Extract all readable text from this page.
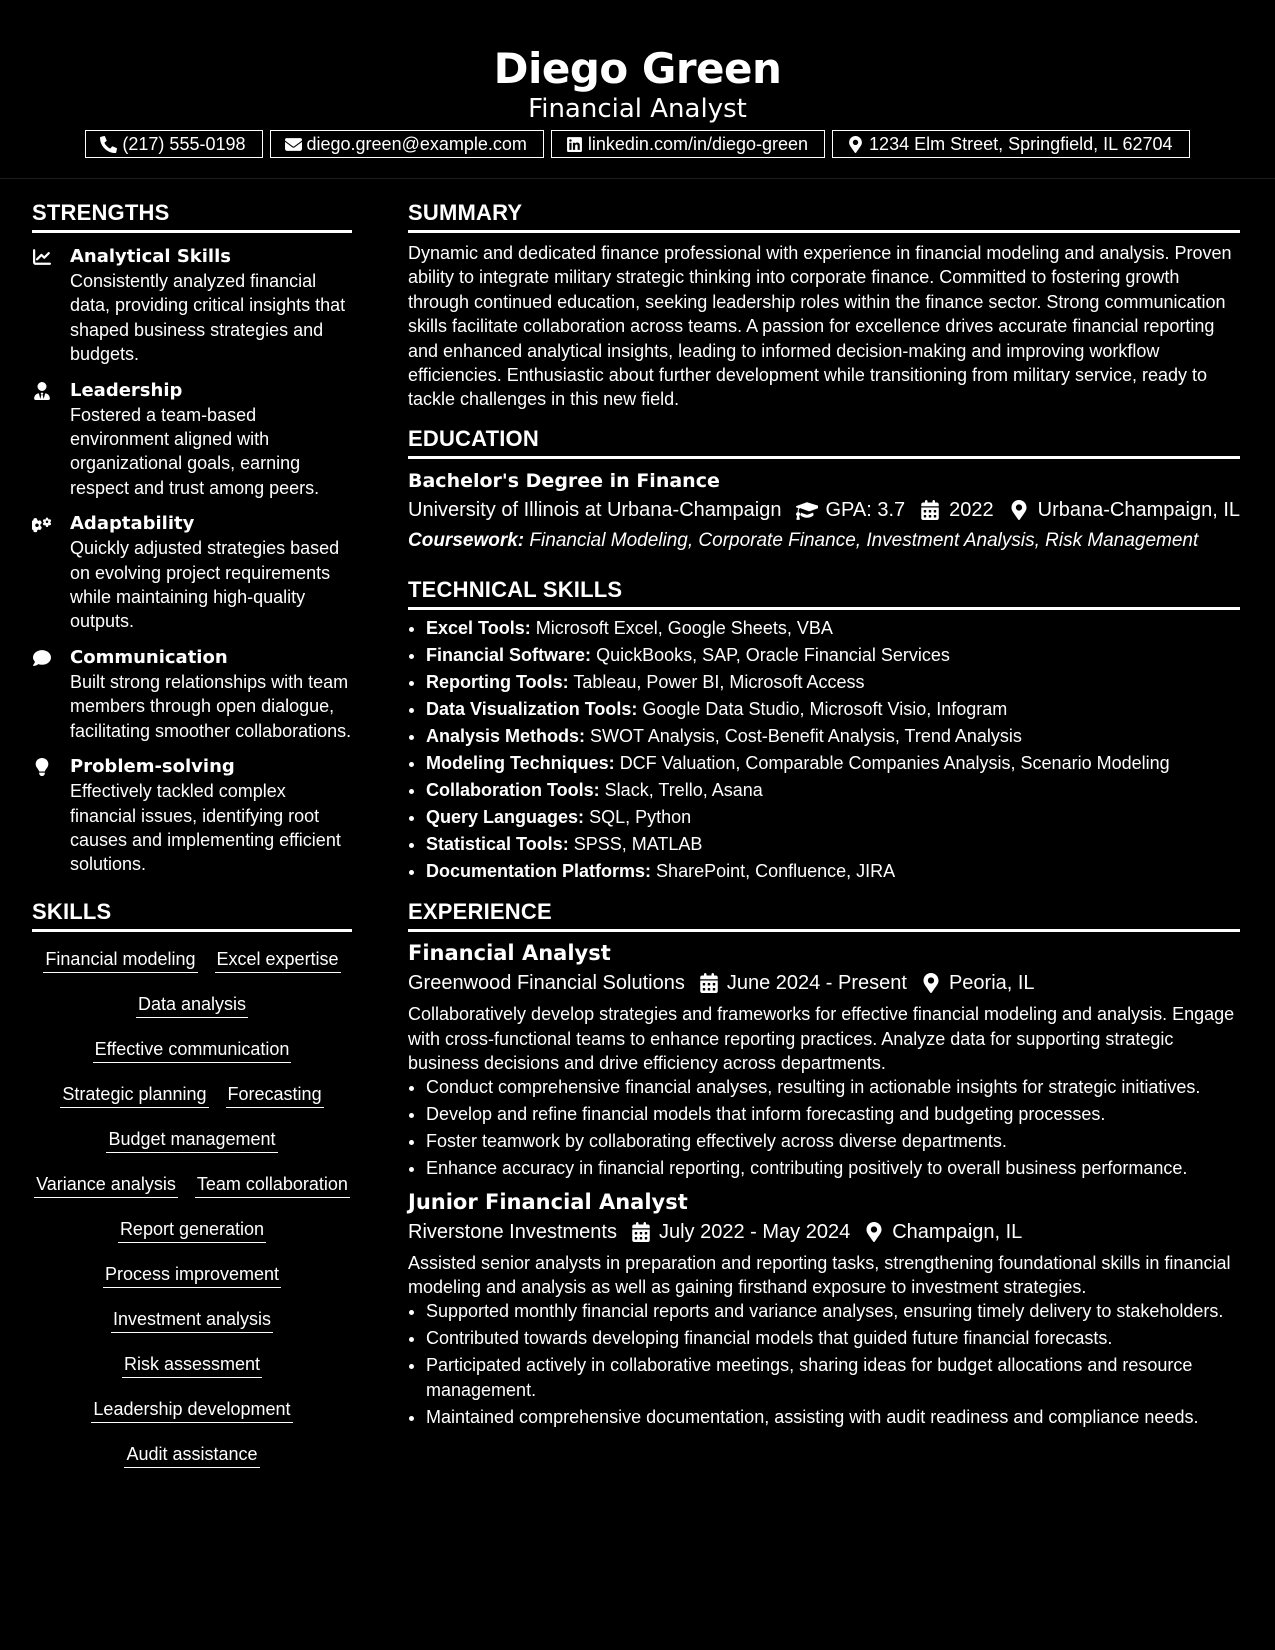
Diego Green
Financial Analyst
(217) 555-0198	diego.green@example.com	linkedin.com/in/diego-green	1234 Elm Street, Springfield, IL 62704
STRENGTHS
Analytical Skills
Consistently analyzed financial data, providing critical insights that shaped business strategies and budgets.
Leadership
Fostered a team-based environment aligned with organizational goals, earning respect and trust among peers.
Adaptability
Quickly adjusted strategies based on evolving project requirements while maintaining high-quality outputs.
Communication
Built strong relationships with team members through open dialogue, facilitating smoother collaborations.
Problem-solving
Effectively tackled complex financial issues, identifying root causes and implementing efficient solutions.
SKILLS
Financial modeling Excel expertise
Data analysis
Effective communication
Strategic planning Forecasting
Budget management
Variance analysis Team collaboration
Report generation
Process improvement
Investment analysis
Risk assessment
Leadership development
Audit assistance
SUMMARY
Dynamic and dedicated finance professional with experience in financial modeling and analysis. Proven ability to integrate military strategic thinking into corporate finance. Committed to fostering growth through continued education, seeking leadership roles within the finance sector. Strong communication skills facilitate collaboration across teams. A passion for excellence drives accurate financial reporting and enhanced analytical insights, leading to informed decision-making and improving workflow efficiencies. Enthusiastic about further development while transitioning from military service, ready to tackle challenges in this new field.
EDUCATION
Bachelor's Degree in Finance
University of Illinois at Urbana-Champaign GPA: 3.7 2022 Urbana-Champaign, IL
Coursework: Financial Modeling, Corporate Finance, Investment Analysis, Risk Management
TECHNICAL SKILLS
• Excel Tools: Microsoft Excel, Google Sheets, VBA
• Financial Software: QuickBooks, SAP, Oracle Financial Services
• Reporting Tools: Tableau, Power BI, Microsoft Access
• Data Visualization Tools: Google Data Studio, Microsoft Visio, Infogram
• Analysis Methods: SWOT Analysis, Cost-Benefit Analysis, Trend Analysis
• Modeling Techniques: DCF Valuation, Comparable Companies Analysis, Scenario Modeling
• Collaboration Tools: Slack, Trello, Asana
• Query Languages: SQL, Python
• Statistical Tools: SPSS, MATLAB
• Documentation Platforms: SharePoint, Confluence, JIRA
EXPERIENCE
Financial Analyst
Greenwood Financial Solutions June 2024 - Present Peoria, IL
Collaboratively develop strategies and frameworks for effective financial modeling and analysis. Engage with cross-functional teams to enhance reporting practices. Analyze data for supporting strategic business decisions and drive efficiency across departments.
• Conduct comprehensive financial analyses, resulting in actionable insights for strategic initiatives.
• Develop and refine financial models that inform forecasting and budgeting processes.
• Foster teamwork by collaborating effectively across diverse departments.
• Enhance accuracy in financial reporting, contributing positively to overall business performance.
Junior Financial Analyst
Riverstone Investments July 2022 - May 2024 Champaign, IL
Assisted senior analysts in preparation and reporting tasks, strengthening foundational skills in financial modeling and analysis as well as gaining firsthand exposure to investment strategies.
• Supported monthly financial reports and variance analyses, ensuring timely delivery to stakeholders.
• Contributed towards developing financial models that guided future financial forecasts.
• Participated actively in collaborative meetings, sharing ideas for budget allocations and resource management.
• Maintained comprehensive documentation, assisting with audit readiness and compliance needs.
